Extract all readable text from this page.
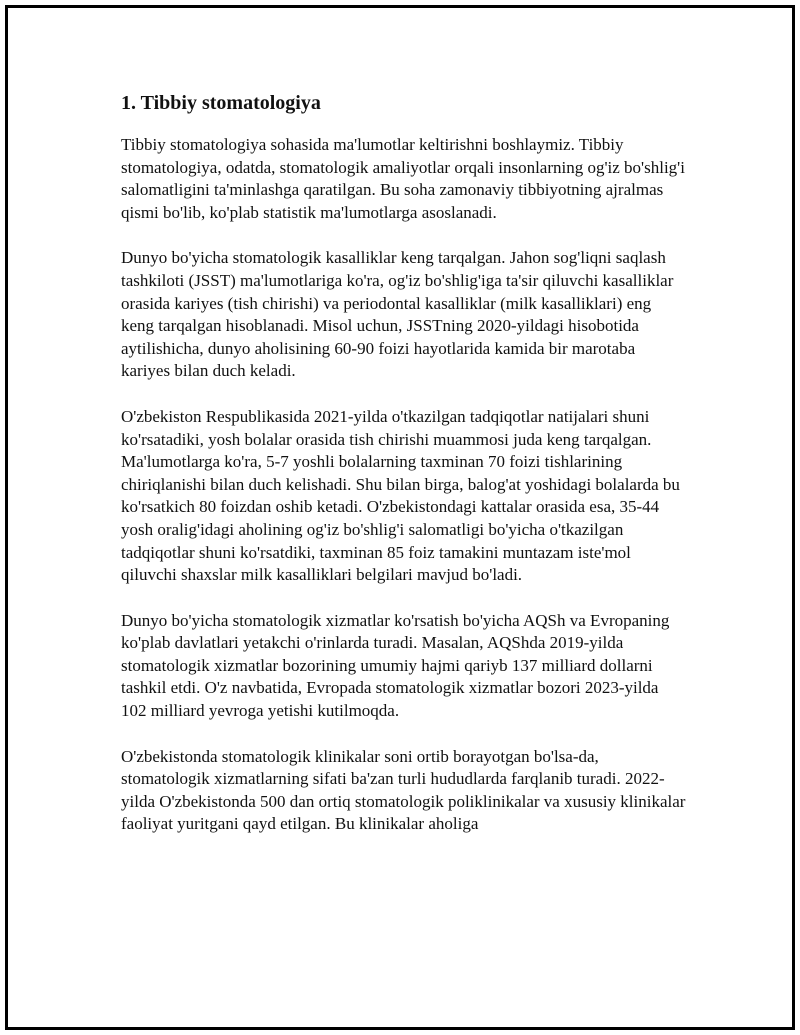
1. Tibbiy stomatologiya

Tibbiy stomatologiya sohasida ma'lumotlar keltirishni boshlaymiz. Tibbiy stomatologiya, odatda, stomatologik amaliyotlar orqali insonlarning og'iz bo'shlig'i salomatligini ta'minlashga qaratilgan. Bu soha zamonaviy tibbiyotning ajralmas qismi bo'lib, ko'plab statistik ma'lumotlarga asoslanadi.

Dunyo bo'yicha stomatologik kasalliklar keng tarqalgan. Jahon sog'liqni saqlash tashkiloti (JSST) ma'lumotlariga ko'ra, og'iz bo'shlig'iga ta'sir qiluvchi kasalliklar orasida kariyes (tish chirishi) va periodontal kasalliklar (milk kasalliklari) eng keng tarqalgan hisoblanadi. Misol uchun, JSSTning 2020-yildagi hisobotida aytilishicha, dunyo aholisining 60-90 foizi hayotlarida kamida bir marotaba kariyes bilan duch keladi.

O'zbekiston Respublikasida 2021-yilda o'tkazilgan tadqiqotlar natijalari shuni ko'rsatadiki, yosh bolalar orasida tish chirishi muammosi juda keng tarqalgan. Ma'lumotlarga ko'ra, 5-7 yoshli bolalarning taxminan 70 foizi tishlarining chiriqlanishi bilan duch kelishadi. Shu bilan birga, balog'at yoshidagi bolalarda bu ko'rsatkich 80 foizdan oshib ketadi. O'zbekistondagi kattalar orasida esa, 35-44 yosh oralig'idagi aholining og'iz bo'shlig'i salomatligi bo'yicha o'tkazilgan tadqiqotlar shuni ko'rsatdiki, taxminan 85 foiz tamakini muntazam iste'mol qiluvchi shaxslar milk kasalliklari belgilari mavjud bo'ladi.

Dunyo bo'yicha stomatologik xizmatlar ko'rsatish bo'yicha AQSh va Evropaning ko'plab davlatlari yetakchi o'rinlarda turadi. Masalan, AQShda 2019-yilda stomatologik xizmatlar bozorining umumiy hajmi qariyb 137 milliard dollarni tashkil etdi. O'z navbatida, Evropada stomatologik xizmatlar bozori 2023-yilda 102 milliard yevroga yetishi kutilmoqda.

O'zbekistonda stomatologik klinikalar soni ortib borayotgan bo'lsa-da, stomatologik xizmatlarning sifati ba'zan turli hududlarda farqlanib turadi. 2022-yilda O'zbekistonda 500 dan ortiq stomatologik poliklinikalar va xususiy klinikalar faoliyat yuritgani qayd etilgan. Bu klinikalar aholiga
